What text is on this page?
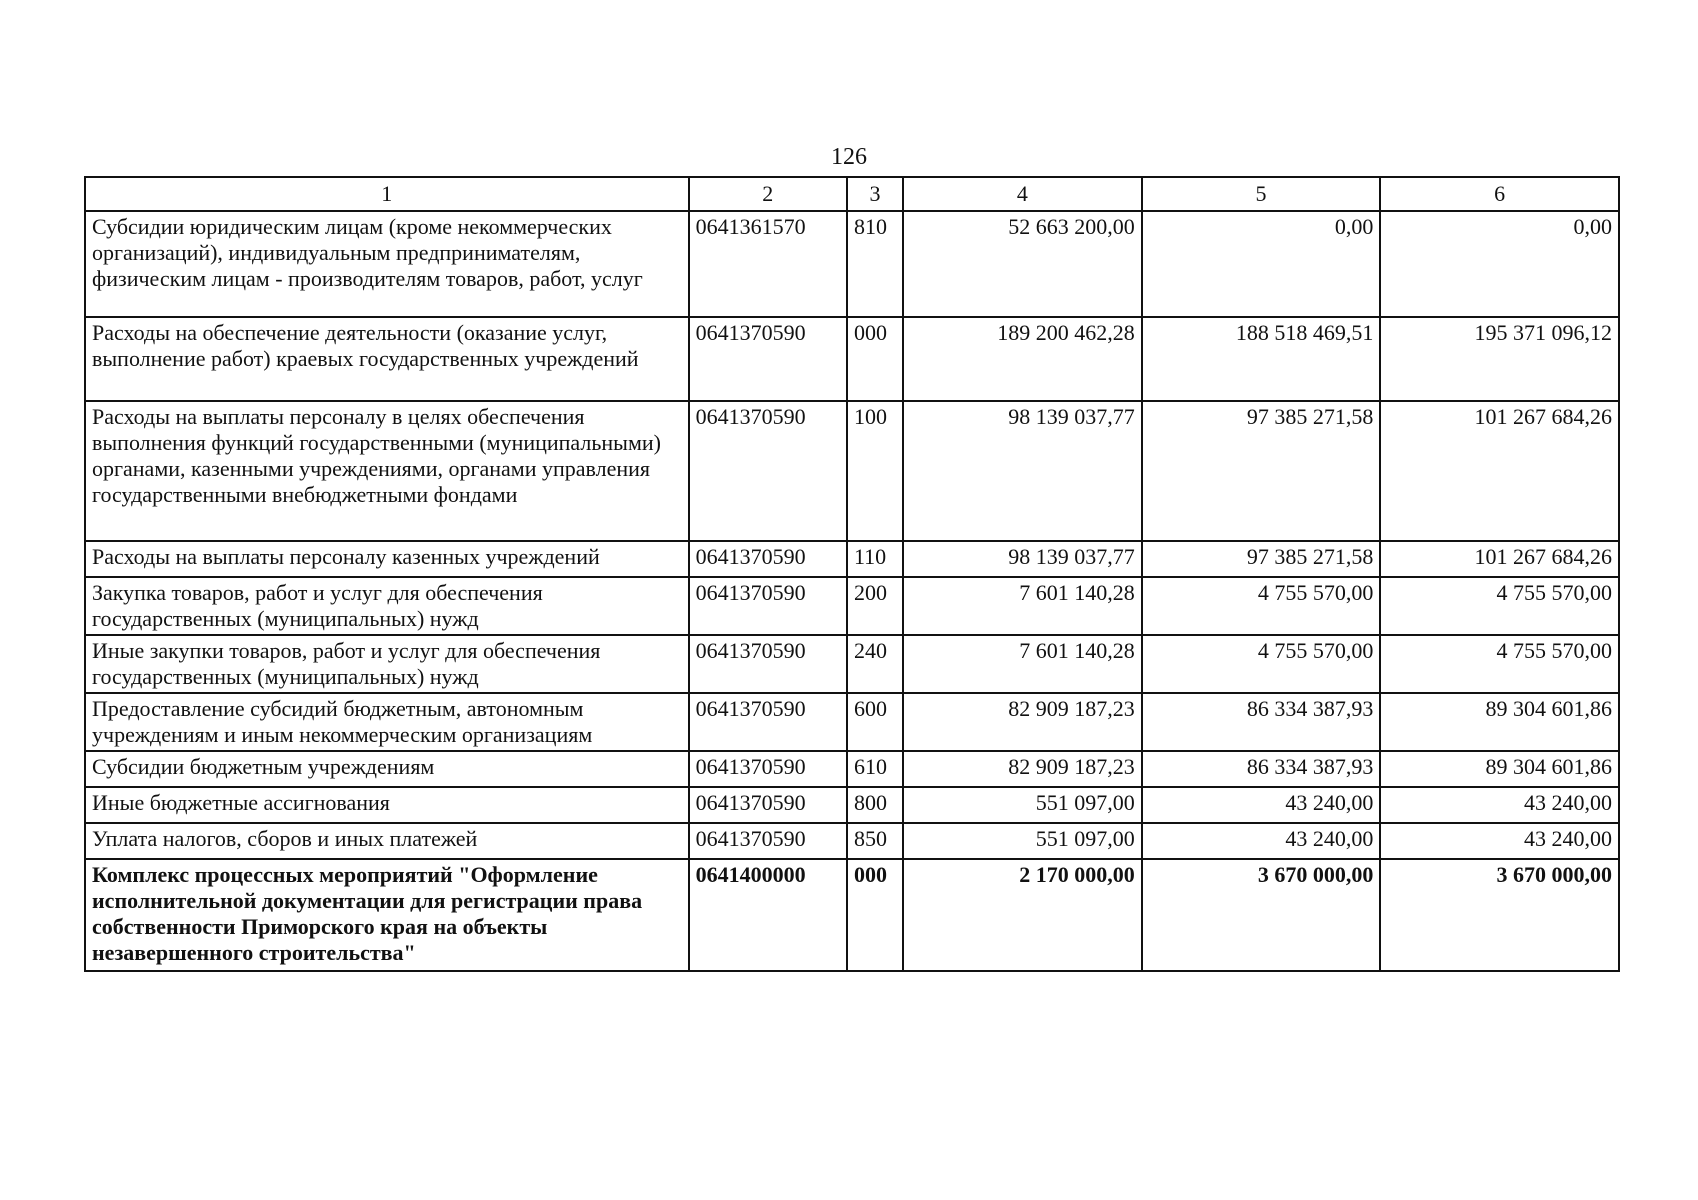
126
1	2	3	4	5	6
Субсидии юридическим лицам (кроме некоммерческих организаций), индивидуальным предпринимателям, физическим лицам - производителям товаров, работ, услуг	0641361570	810	52 663 200,00	0,00	0,00
Расходы на обеспечение деятельности (оказание услуг, выполнение работ) краевых государственных учреждений	0641370590	000	189 200 462,28	188 518 469,51	195 371 096,12
Расходы на выплаты персоналу в целях обеспечения выполнения функций государственными (муниципальными) органами, казенными учреждениями, органами управления государственными внебюджетными фондами	0641370590	100	98 139 037,77	97 385 271,58	101 267 684,26
Расходы на выплаты персоналу казенных учреждений	0641370590	110	98 139 037,77	97 385 271,58	101 267 684,26
Закупка товаров, работ и услуг для обеспечения государственных (муниципальных) нужд	0641370590	200	7 601 140,28	4 755 570,00	4 755 570,00
Иные закупки товаров, работ и услуг для обеспечения государственных (муниципальных) нужд	0641370590	240	7 601 140,28	4 755 570,00	4 755 570,00
Предоставление субсидий бюджетным, автономным учреждениям и иным некоммерческим организациям	0641370590	600	82 909 187,23	86 334 387,93	89 304 601,86
Субсидии бюджетным учреждениям	0641370590	610	82 909 187,23	86 334 387,93	89 304 601,86
Иные бюджетные ассигнования	0641370590	800	551 097,00	43 240,00	43 240,00
Уплата налогов, сборов и иных платежей	0641370590	850	551 097,00	43 240,00	43 240,00
Комплекс процессных мероприятий "Оформление исполнительной документации для регистрации права собственности Приморского края на объекты незавершенного строительства"	0641400000	000	2 170 000,00	3 670 000,00	3 670 000,00
